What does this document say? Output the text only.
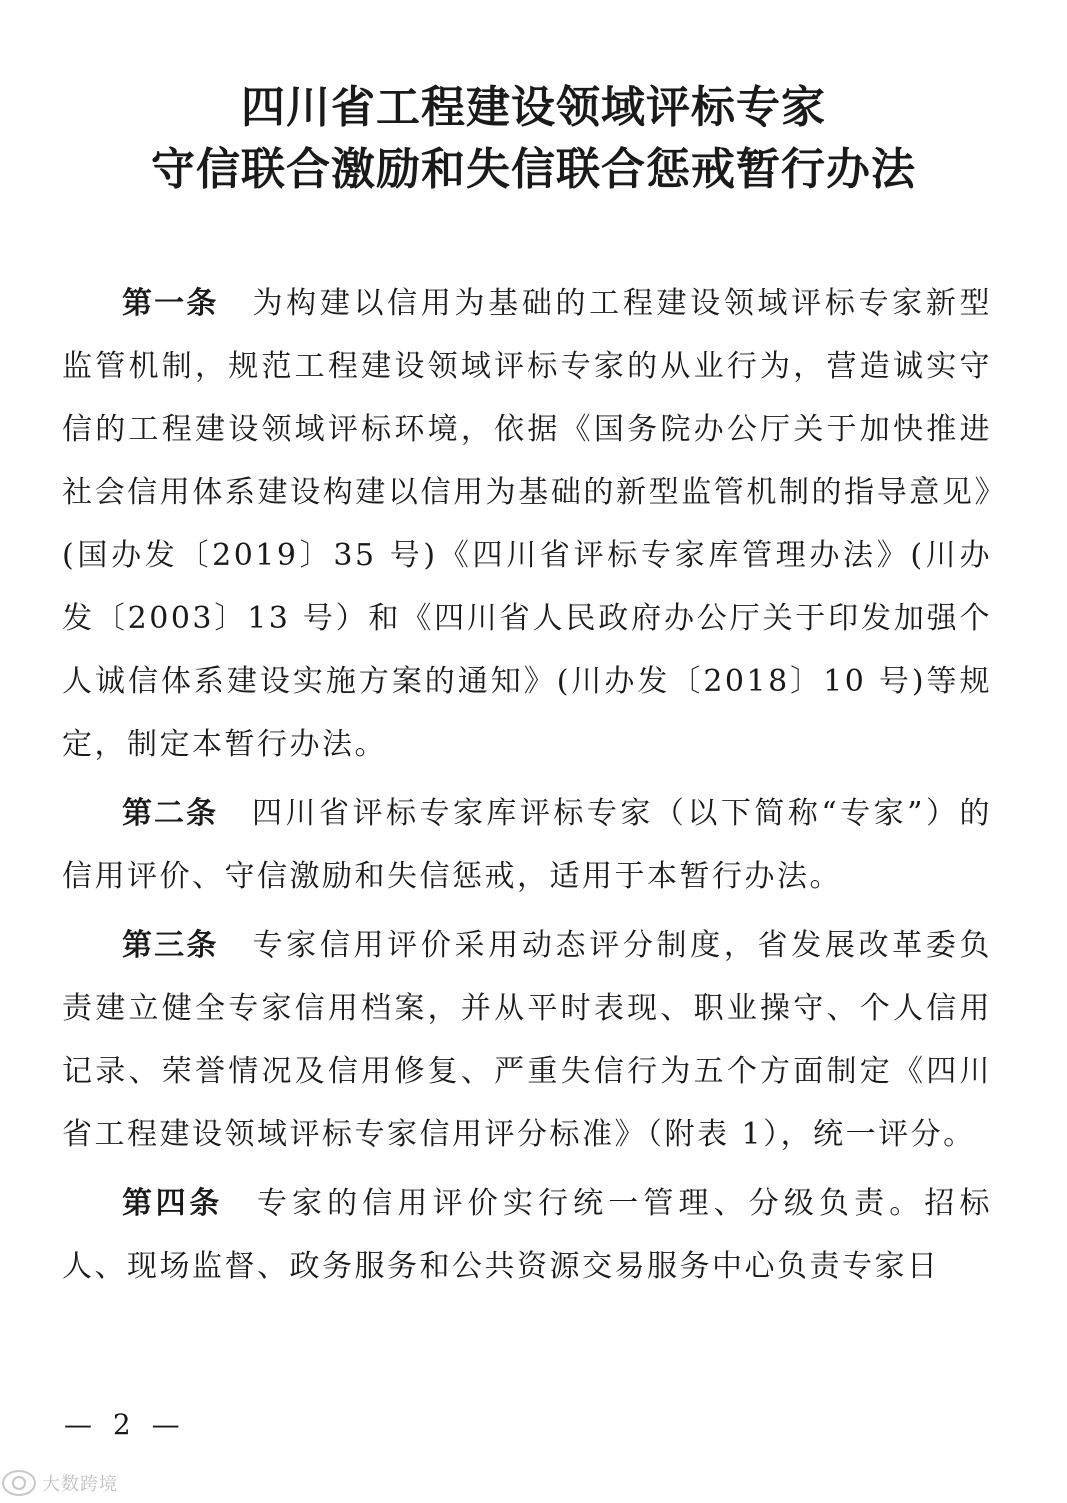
四川省工程建设领域评标专家
守信联合激励和失信联合惩戒暂行办法

第一条 为构建以信用为基础的工程建设领域评标专家新型监管机制，规范工程建设领域评标专家的从业行为，营造诚实守信的工程建设领域评标环境，依据《国务院办公厅关于加快推进社会信用体系建设构建以信用为基础的新型监管机制的指导意见》(国办发〔2019〕35 号)《四川省评标专家库管理办法》(川办发〔2003〕13 号）和《四川省人民政府办公厅关于印发加强个人诚信体系建设实施方案的通知》(川办发〔2018〕10 号)等规定，制定本暂行办法。

第二条 四川省评标专家库评标专家（以下简称“专家”）的信用评价、守信激励和失信惩戒，适用于本暂行办法。

第三条 专家信用评价采用动态评分制度，省发展改革委负责建立健全专家信用档案，并从平时表现、职业操守、个人信用记录、荣誉情况及信用修复、严重失信行为五个方面制定《四川省工程建设领域评标专家信用评分标准》（附表 1），统一评分。

第四条 专家的信用评价实行统一管理、分级负责。招标人、现场监督、政务服务和公共资源交易服务中心负责专家日

— 2 —
大数跨境
